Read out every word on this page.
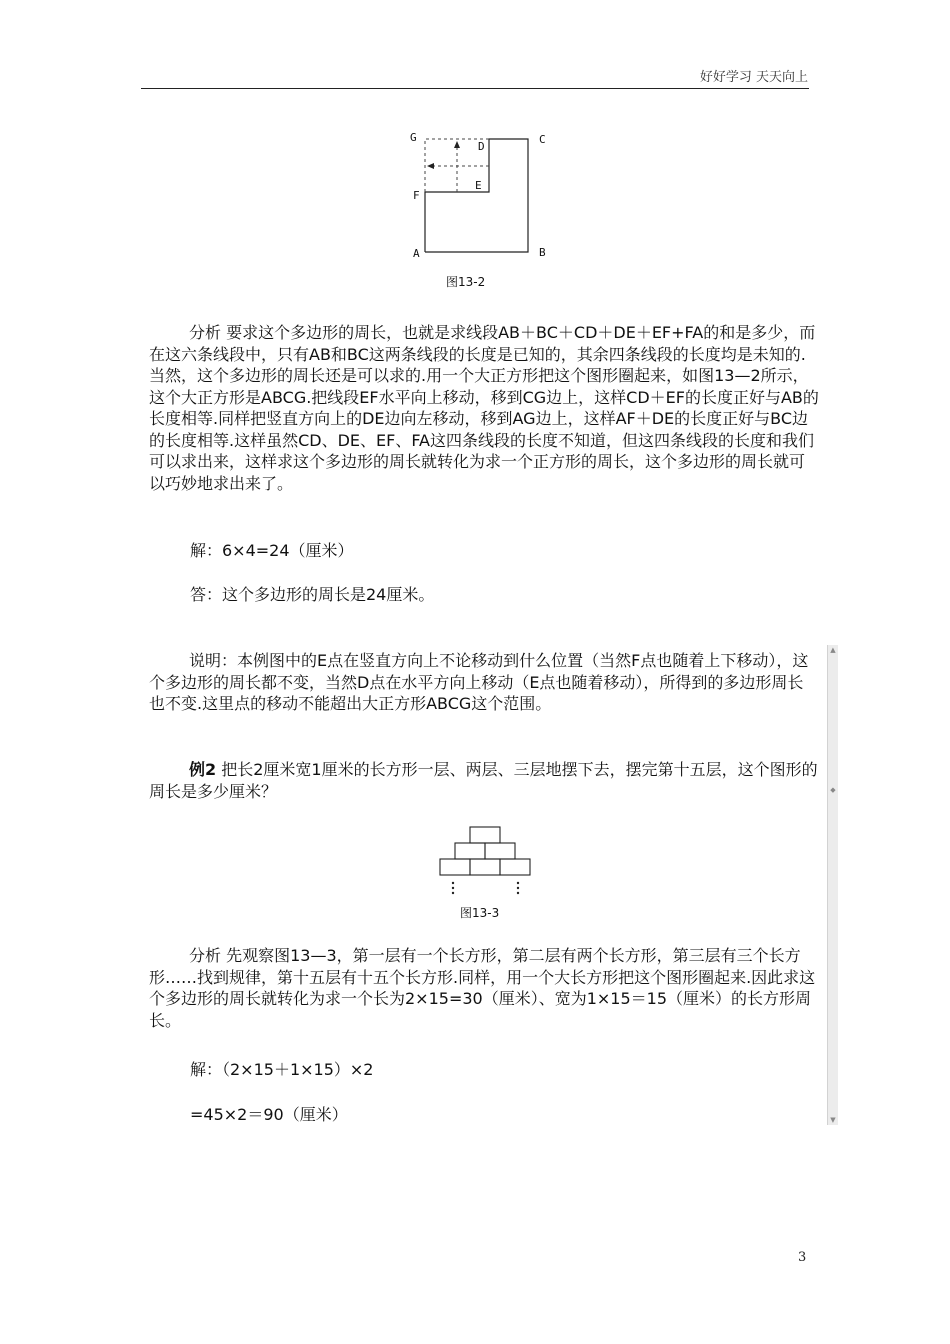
好好学习 天天向上
G	C
D
E
F
A	B
图13-2
分析 要求这个多边形的周长，也就是求线段AB＋BC＋CD＋DE＋EF+FA的和是多少，而在这六条线段中，只有AB和BC这两条线段的长度是已知的，其余四条线段的长度均是未知的.当然，这个多边形的周长还是可以求的.用一个大正方形把这个图形圈起来，如图13—2所示，这个大正方形是ABCG.把线段EF水平向上移动，移到CG边上，这样CD＋EF的长度正好与AB的长度相等.同样把竖直方向上的DE边向左移动，移到AG边上，这样AF＋DE的长度正好与BC边的长度相等.这样虽然CD、DE、EF、FA这四条线段的长度不知道，但这四条线段的长度和我们可以求出来，这样求这个多边形的周长就转化为求一个正方形的周长，这个多边形的周长就可以巧妙地求出来了。
解：6×4=24（厘米）
答：这个多边形的周长是24厘米。
说明：本例图中的E点在竖直方向上不论移动到什么位置（当然F点也随着上下移动），这个多边形的周长都不变，当然D点在水平方向上移动（E点也随着移动），所得到的多边形周长也不变.这里点的移动不能超出大正方形ABCG这个范围。
例2 把长2厘米宽1厘米的长方形一层、两层、三层地摆下去，摆完第十五层，这个图形的周长是多少厘米？
图13-3
分析 先观察图13—3，第一层有一个长方形，第二层有两个长方形，第三层有三个长方形……找到规律，第十五层有十五个长方形.同样，用一个大长方形把这个图形圈起来.因此求这个多边形的周长就转化为求一个长为2×15=30（厘米）、宽为1×15＝15（厘米）的长方形周长。
解：（2×15＋1×15）×2
=45×2＝90（厘米）
3
▲
◆
▼
